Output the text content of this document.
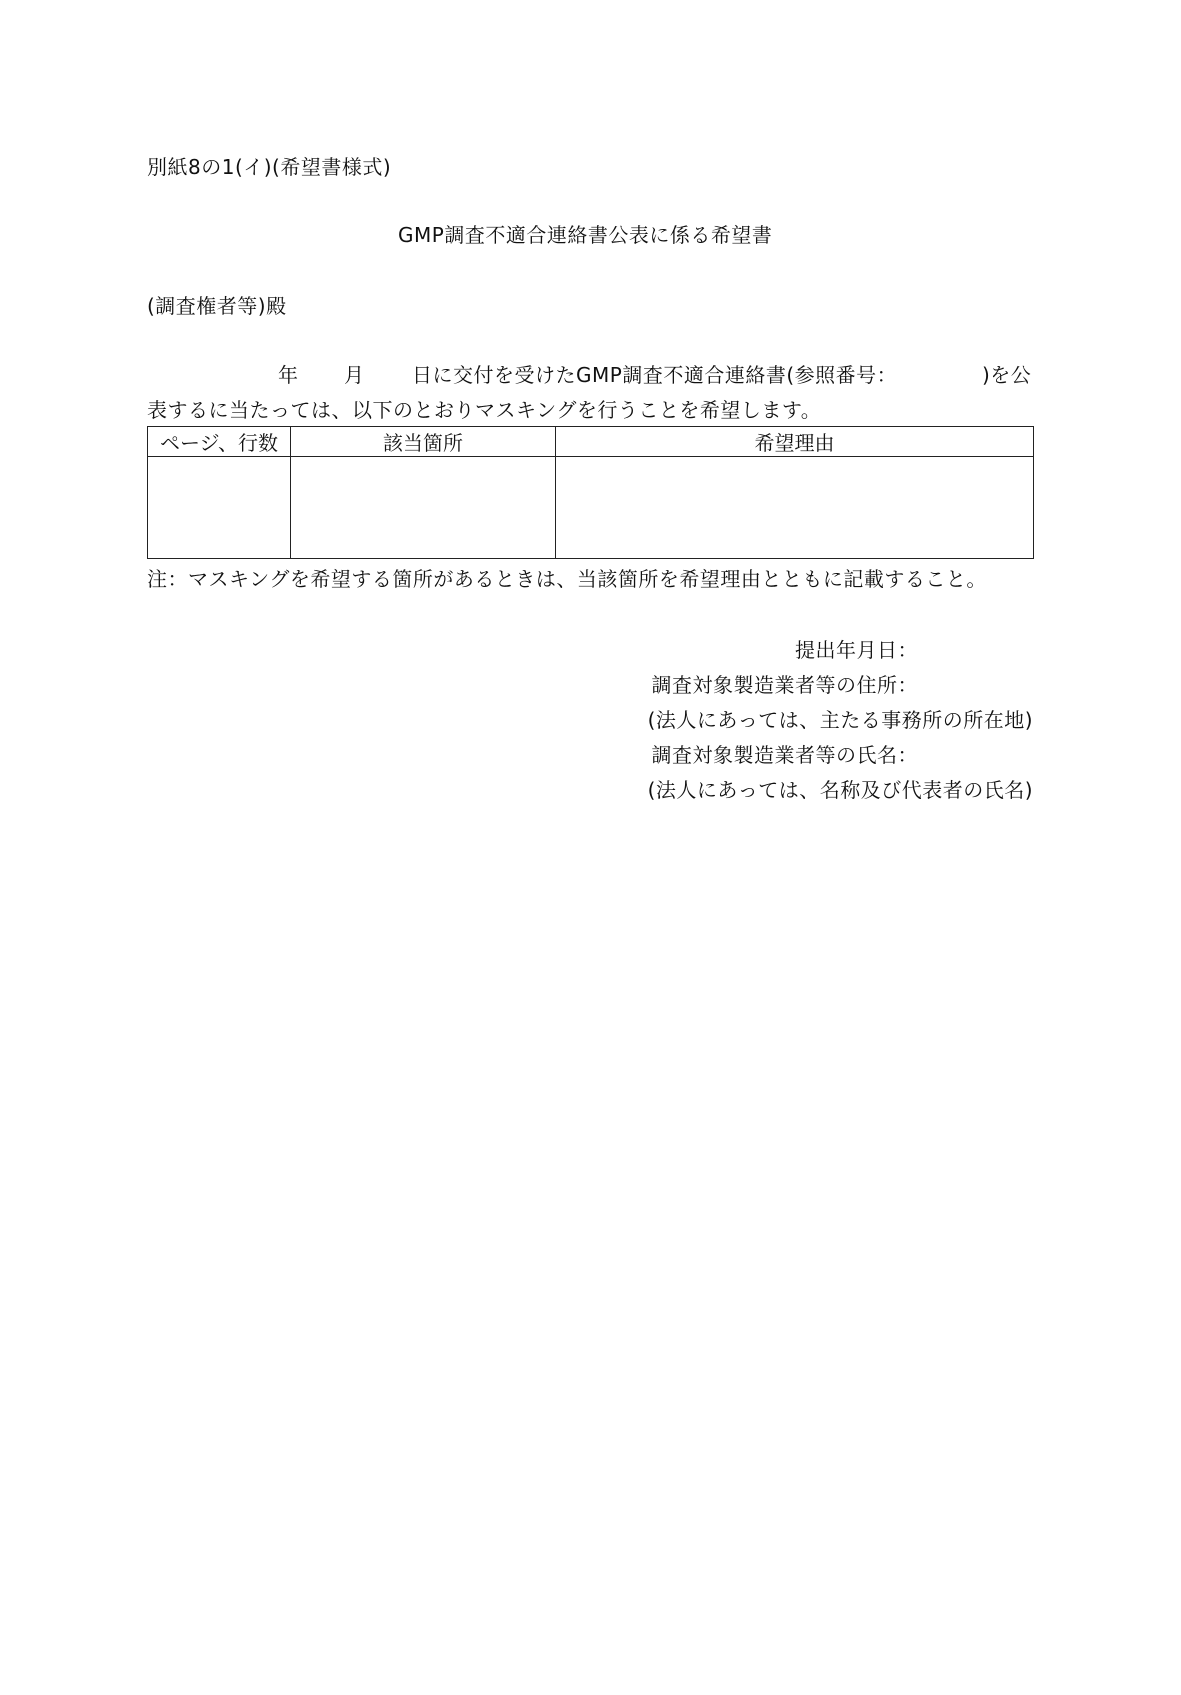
別紙8の1(イ)(希望書様式)
GMP調査不適合連絡書公表に係る希望書
(調査権者等)殿
年 月 日に交付を受けたGMP調査不適合連絡書(参照番号：	)を公
表するに当たっては、以下のとおりマスキングを行うことを希望します。
ページ、行数	該当箇所	希望理由

注：マスキングを希望する箇所があるときは、当該箇所を希望理由とともに記載すること。
提出年月日：
調査対象製造業者等の住所：
(法人にあっては、主たる事務所の所在地)
調査対象製造業者等の氏名：
(法人にあっては、名称及び代表者の氏名)
